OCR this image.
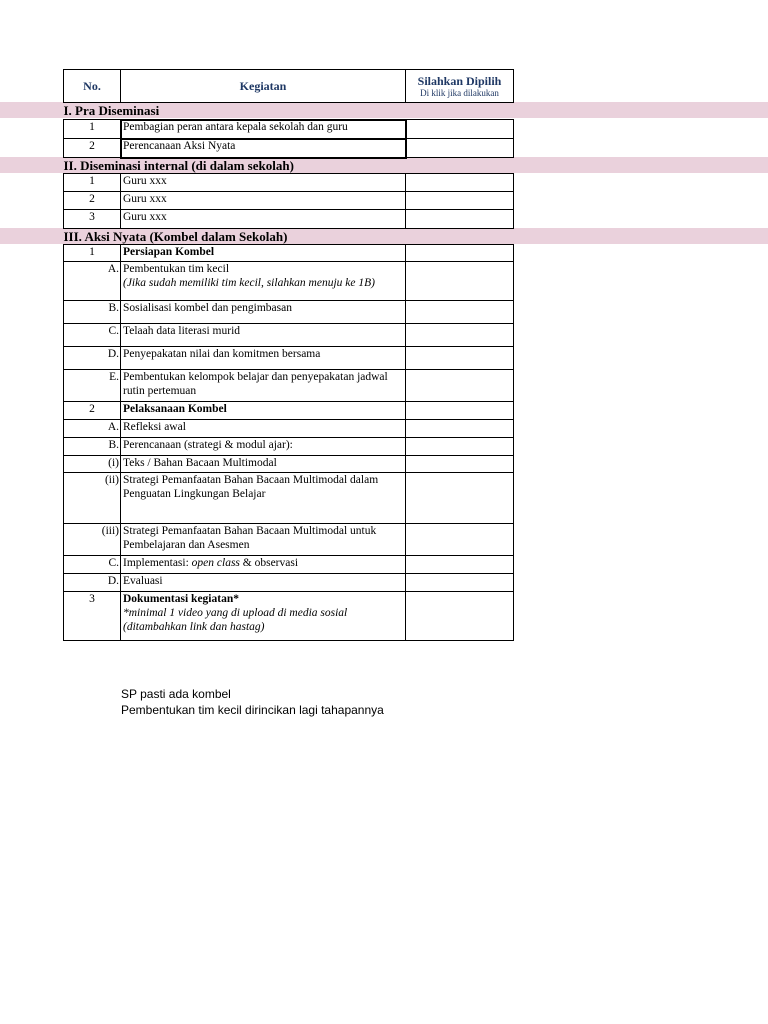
No.	Kegiatan	Silahkan Dipilih
Di klik jika dilakukan

I. Pra Diseminasi		
1	Pembagian peran antara kepala sekolah dan guru	
2	Perencanaan Aksi Nyata	
II. Diseminasi internal (di dalam sekolah)		
1	Guru xxx	
2	Guru xxx	
3	Guru xxx	
III. Aksi Nyata (Kombel dalam Sekolah)		
1	Persiapan Kombel	
A.	Pembentukan tim kecil
(Jika sudah memiliki tim kecil, silahkan menuju ke 1B)	

B.	Sosialisasi kombel dan pengimbasan	
C.	Telaah data literasi murid	
D.	Penyepakatan nilai dan komitmen bersama	
E.	Pembentukan kelompok belajar dan penyepakatan jadwal rutin pertemuan	
2	Pelaksanaan Kombel	
A.	Refleksi awal	
B.	Perencanaan (strategi & modul ajar):	
(i)	Teks / Bahan Bacaan Multimodal	
(ii)	Strategi Pemanfaatan Bahan Bacaan Multimodal dalam Penguatan Lingkungan Belajar	
(iii)	Strategi Pemanfaatan Bahan Bacaan Multimodal untuk Pembelajaran dan Asesmen	
C.	Implementasi: open class & observasi	
D.	Evaluasi	
3	Dokumentasi kegiatan*
*minimal 1 video yang di upload di media sosial (ditambahkan link dan hastag)	

SP pasti ada kombel
Pembentukan tim kecil dirincikan lagi tahapannya
